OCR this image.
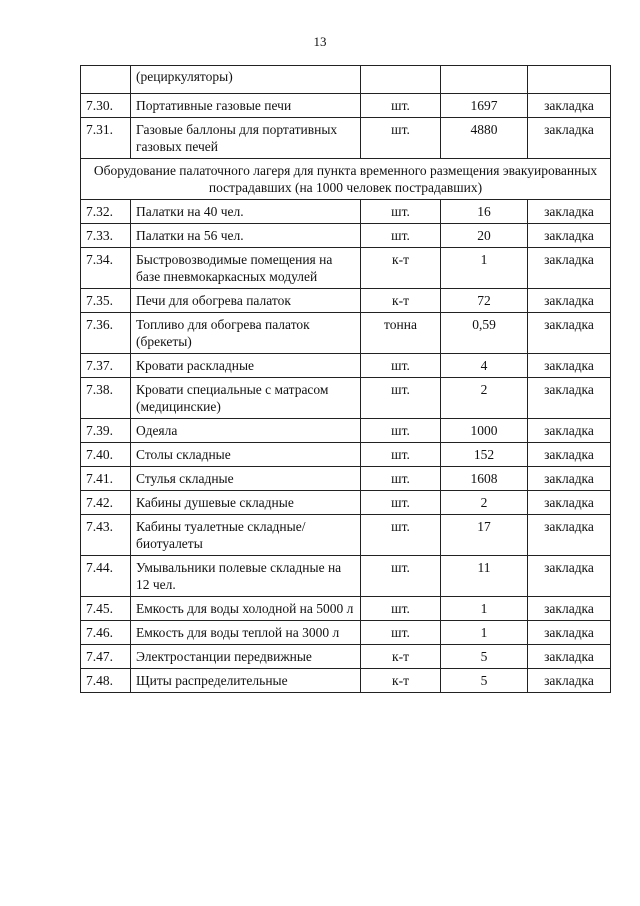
13
	(рециркуляторы)			
7.30.	Портативные газовые печи	шт.	1697	закладка
7.31.	Газовые баллоны для портативных газовых печей	шт.	4880	закладка
Оборудование палаточного лагеря для пункта временного размещения эвакуированных пострадавших (на 1000 человек пострадавших)				
7.32.	Палатки на 40 чел.	шт.	16	закладка
7.33.	Палатки на 56 чел.	шт.	20	закладка
7.34.	Быстровозводимые помещения на базе пневмокаркасных модулей	к-т	1	закладка
7.35.	Печи для обогрева палаток	к-т	72	закладка
7.36.	Топливо для обогрева палаток (брекеты)	тонна	0,59	закладка
7.37.	Кровати раскладные	шт.	4	закладка
7.38.	Кровати специальные с матрасом (медицинские)	шт.	2	закладка
7.39.	Одеяла	шт.	1000	закладка
7.40.	Столы складные	шт.	152	закладка
7.41.	Стулья складные	шт.	1608	закладка
7.42.	Кабины душевые складные	шт.	2	закладка
7.43.	Кабины туалетные складные/биотуалеты	шт.	17	закладка
7.44.	Умывальники полевые складные на 12 чел.	шт.	11	закладка
7.45.	Емкость для воды холодной на 5000 л	шт.	1	закладка
7.46.	Емкость для воды теплой на 3000 л	шт.	1	закладка
7.47.	Электростанции передвижные	к-т	5	закладка
7.48.	Щиты распределительные	к-т	5	закладка
